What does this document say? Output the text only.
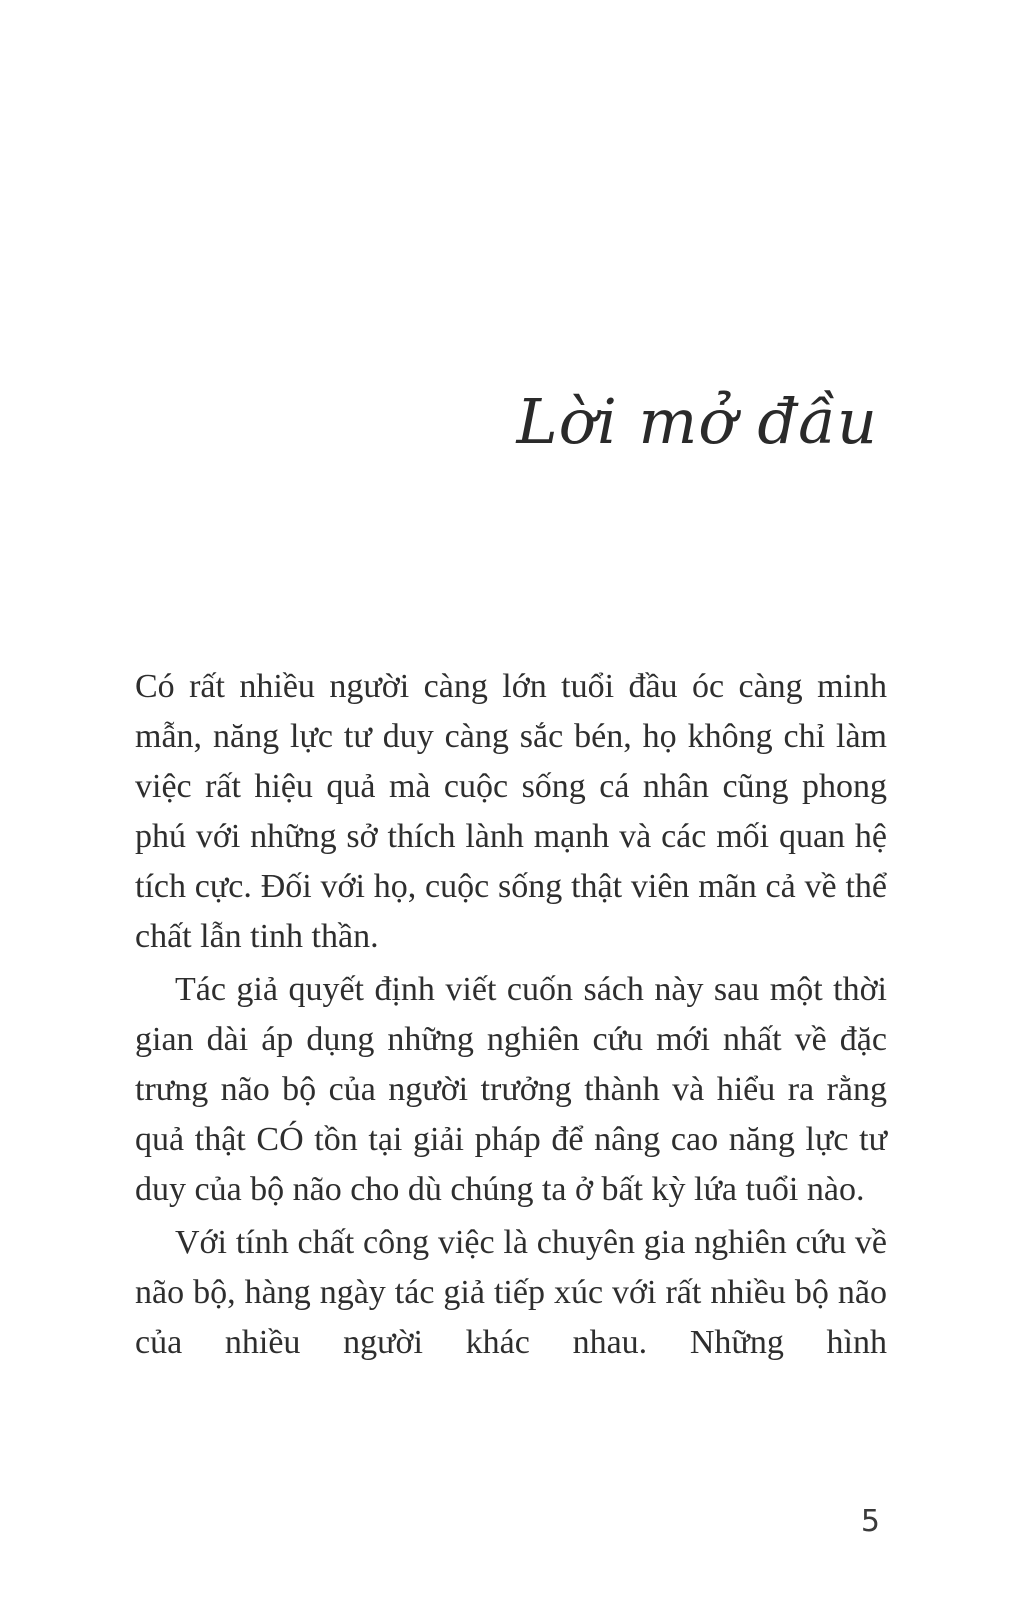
Lời mở đầu

Có rất nhiều người càng lớn tuổi đầu óc càng minh mẫn, năng lực tư duy càng sắc bén, họ không chỉ làm việc rất hiệu quả mà cuộc sống cá nhân cũng phong phú với những sở thích lành mạnh và các mối quan hệ tích cực. Đối với họ, cuộc sống thật viên mãn cả về thể chất lẫn tinh thần.

Tác giả quyết định viết cuốn sách này sau một thời gian dài áp dụng những nghiên cứu mới nhất về đặc trưng não bộ của người trưởng thành và hiểu ra rằng quả thật CÓ tồn tại giải pháp để nâng cao năng lực tư duy của bộ não cho dù chúng ta ở bất kỳ lứa tuổi nào.

Với tính chất công việc là chuyên gia nghiên cứu về não bộ, hàng ngày tác giả tiếp xúc với rất nhiều bộ não của nhiều người khác nhau. Những hình

5
